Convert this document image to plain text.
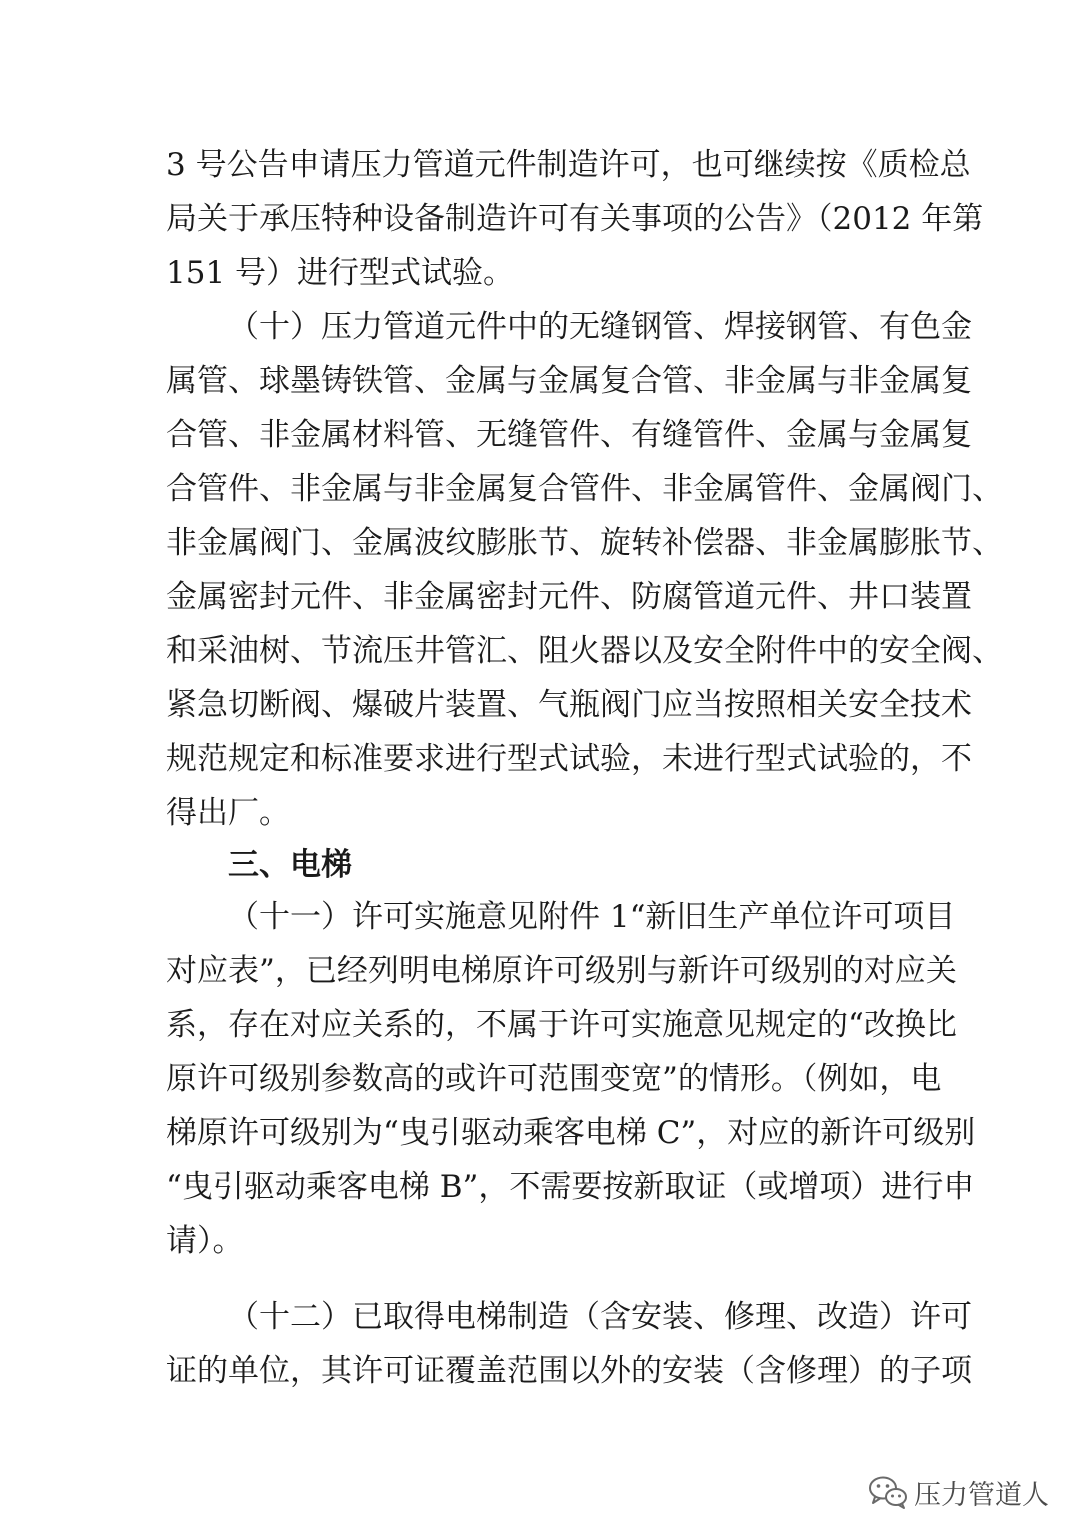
3 号公告申请压力管道元件制造许可，也可继续按《质检总
局关于承压特种设备制造许可有关事项的公告》（2012 年第
151 号）进行型式试验。
（十）压力管道元件中的无缝钢管、焊接钢管、有色金
属管、球墨铸铁管、金属与金属复合管、非金属与非金属复
合管、非金属材料管、无缝管件、有缝管件、金属与金属复
合管件、非金属与非金属复合管件、非金属管件、金属阀门、
非金属阀门、金属波纹膨胀节、旋转补偿器、非金属膨胀节、
金属密封元件、非金属密封元件、防腐管道元件、井口装置
和采油树、节流压井管汇、阻火器以及安全附件中的安全阀、
紧急切断阀、爆破片装置、气瓶阀门应当按照相关安全技术
规范规定和标准要求进行型式试验，未进行型式试验的，不
得出厂。
三、电梯
（十一）许可实施意见附件 1“新旧生产单位许可项目
对应表”，已经列明电梯原许可级别与新许可级别的对应关
系，存在对应关系的，不属于许可实施意见规定的“改换比
原许可级别参数高的或许可范围变宽”的情形。（例如，电
梯原许可级别为“曳引驱动乘客电梯 C”，对应的新许可级别
“曳引驱动乘客电梯 B”，不需要按新取证（或增项）进行申
请）。
（十二）已取得电梯制造（含安装、修理、改造）许可
证的单位，其许可证覆盖范围以外的安装（含修理）的子项
压力管道人
